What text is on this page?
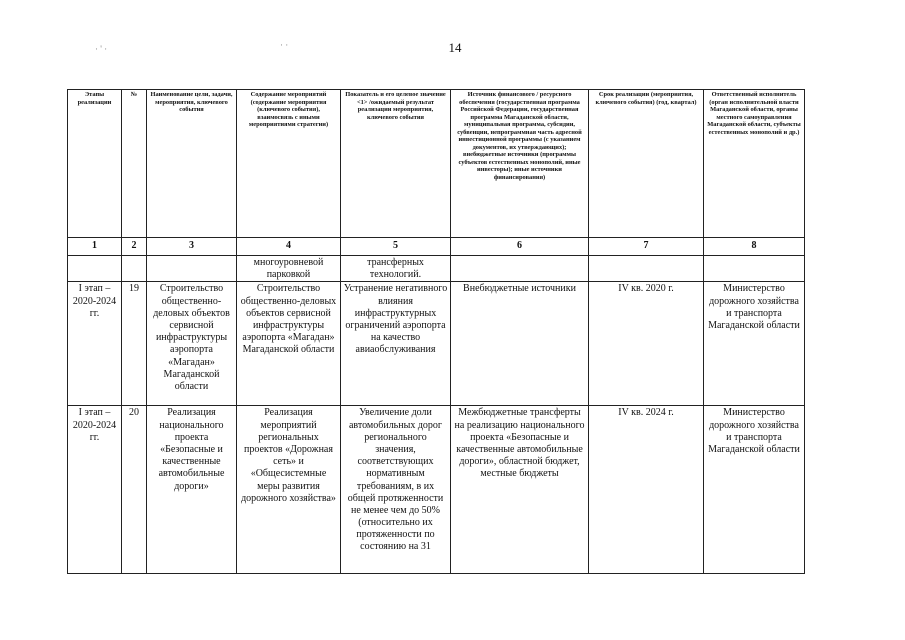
14
· ' ·	· ·
Этапы реализации	№	Наименование цели, задачи, мероприятия, ключевого события	Содержание мероприятий (содержание мероприятия (ключевого события), взаимосвязь с иными мероприятиями стратегии)	Показатель и его целевое значение <1> /ожидаемый результат реализации мероприятия, ключевого события	Источник финансового / ресурсного обеспечения (государственная программа Российской Федерации, государственная программа Магаданской области, муниципальная программа, субсидии, субвенции, непрограммная часть адресной инвестиционной программы (с указанием документов, их утверждающих); внебюджетные источники (программы субъектов естественных монополий, иные инвесторы); иные источники финансирования)	Срок реализации (мероприятия, ключевого события) (год, квартал)	Ответственный исполнитель (орган исполнительной власти Магаданской области, органы местного самоуправления Магаданской области, субъекты естественных монополий и др.)
1	2	3	4	5	6	7	8
			многоуровневой парковкой	трансферных технологий.			
I этап – 2020-2024 гг.	19	Строительство общественно-деловых объектов сервисной инфраструктуры аэропорта «Магадан» Магаданской области	Строительство общественно-деловых объектов сервисной инфраструктуры аэропорта «Магадан» Магаданской области	Устранение негативного влияния инфраструктурных ограничений аэропорта на качество авиаобслуживания	Внебюджетные источники	IV кв. 2020 г.	Министерство дорожного хозяйства и транспорта Магаданской области
I этап – 2020-2024 гг.	20	Реализация национального проекта «Безопасные и качественные автомобильные дороги»	Реализация мероприятий региональных проектов «Дорожная сеть» и «Общесистемные меры развития дорожного хозяйства»	Увеличение доли автомобильных дорог регионального значения, соответствующих нормативным требованиям, в их общей протяженности не менее чем до 50% (относительно их протяженности по состоянию на 31	Межбюджетные трансферты на реализацию национального проекта «Безопасные и качественные автомобильные дороги», областной бюджет, местные бюджеты	IV кв. 2024 г.	Министерство дорожного хозяйства и транспорта Магаданской области
